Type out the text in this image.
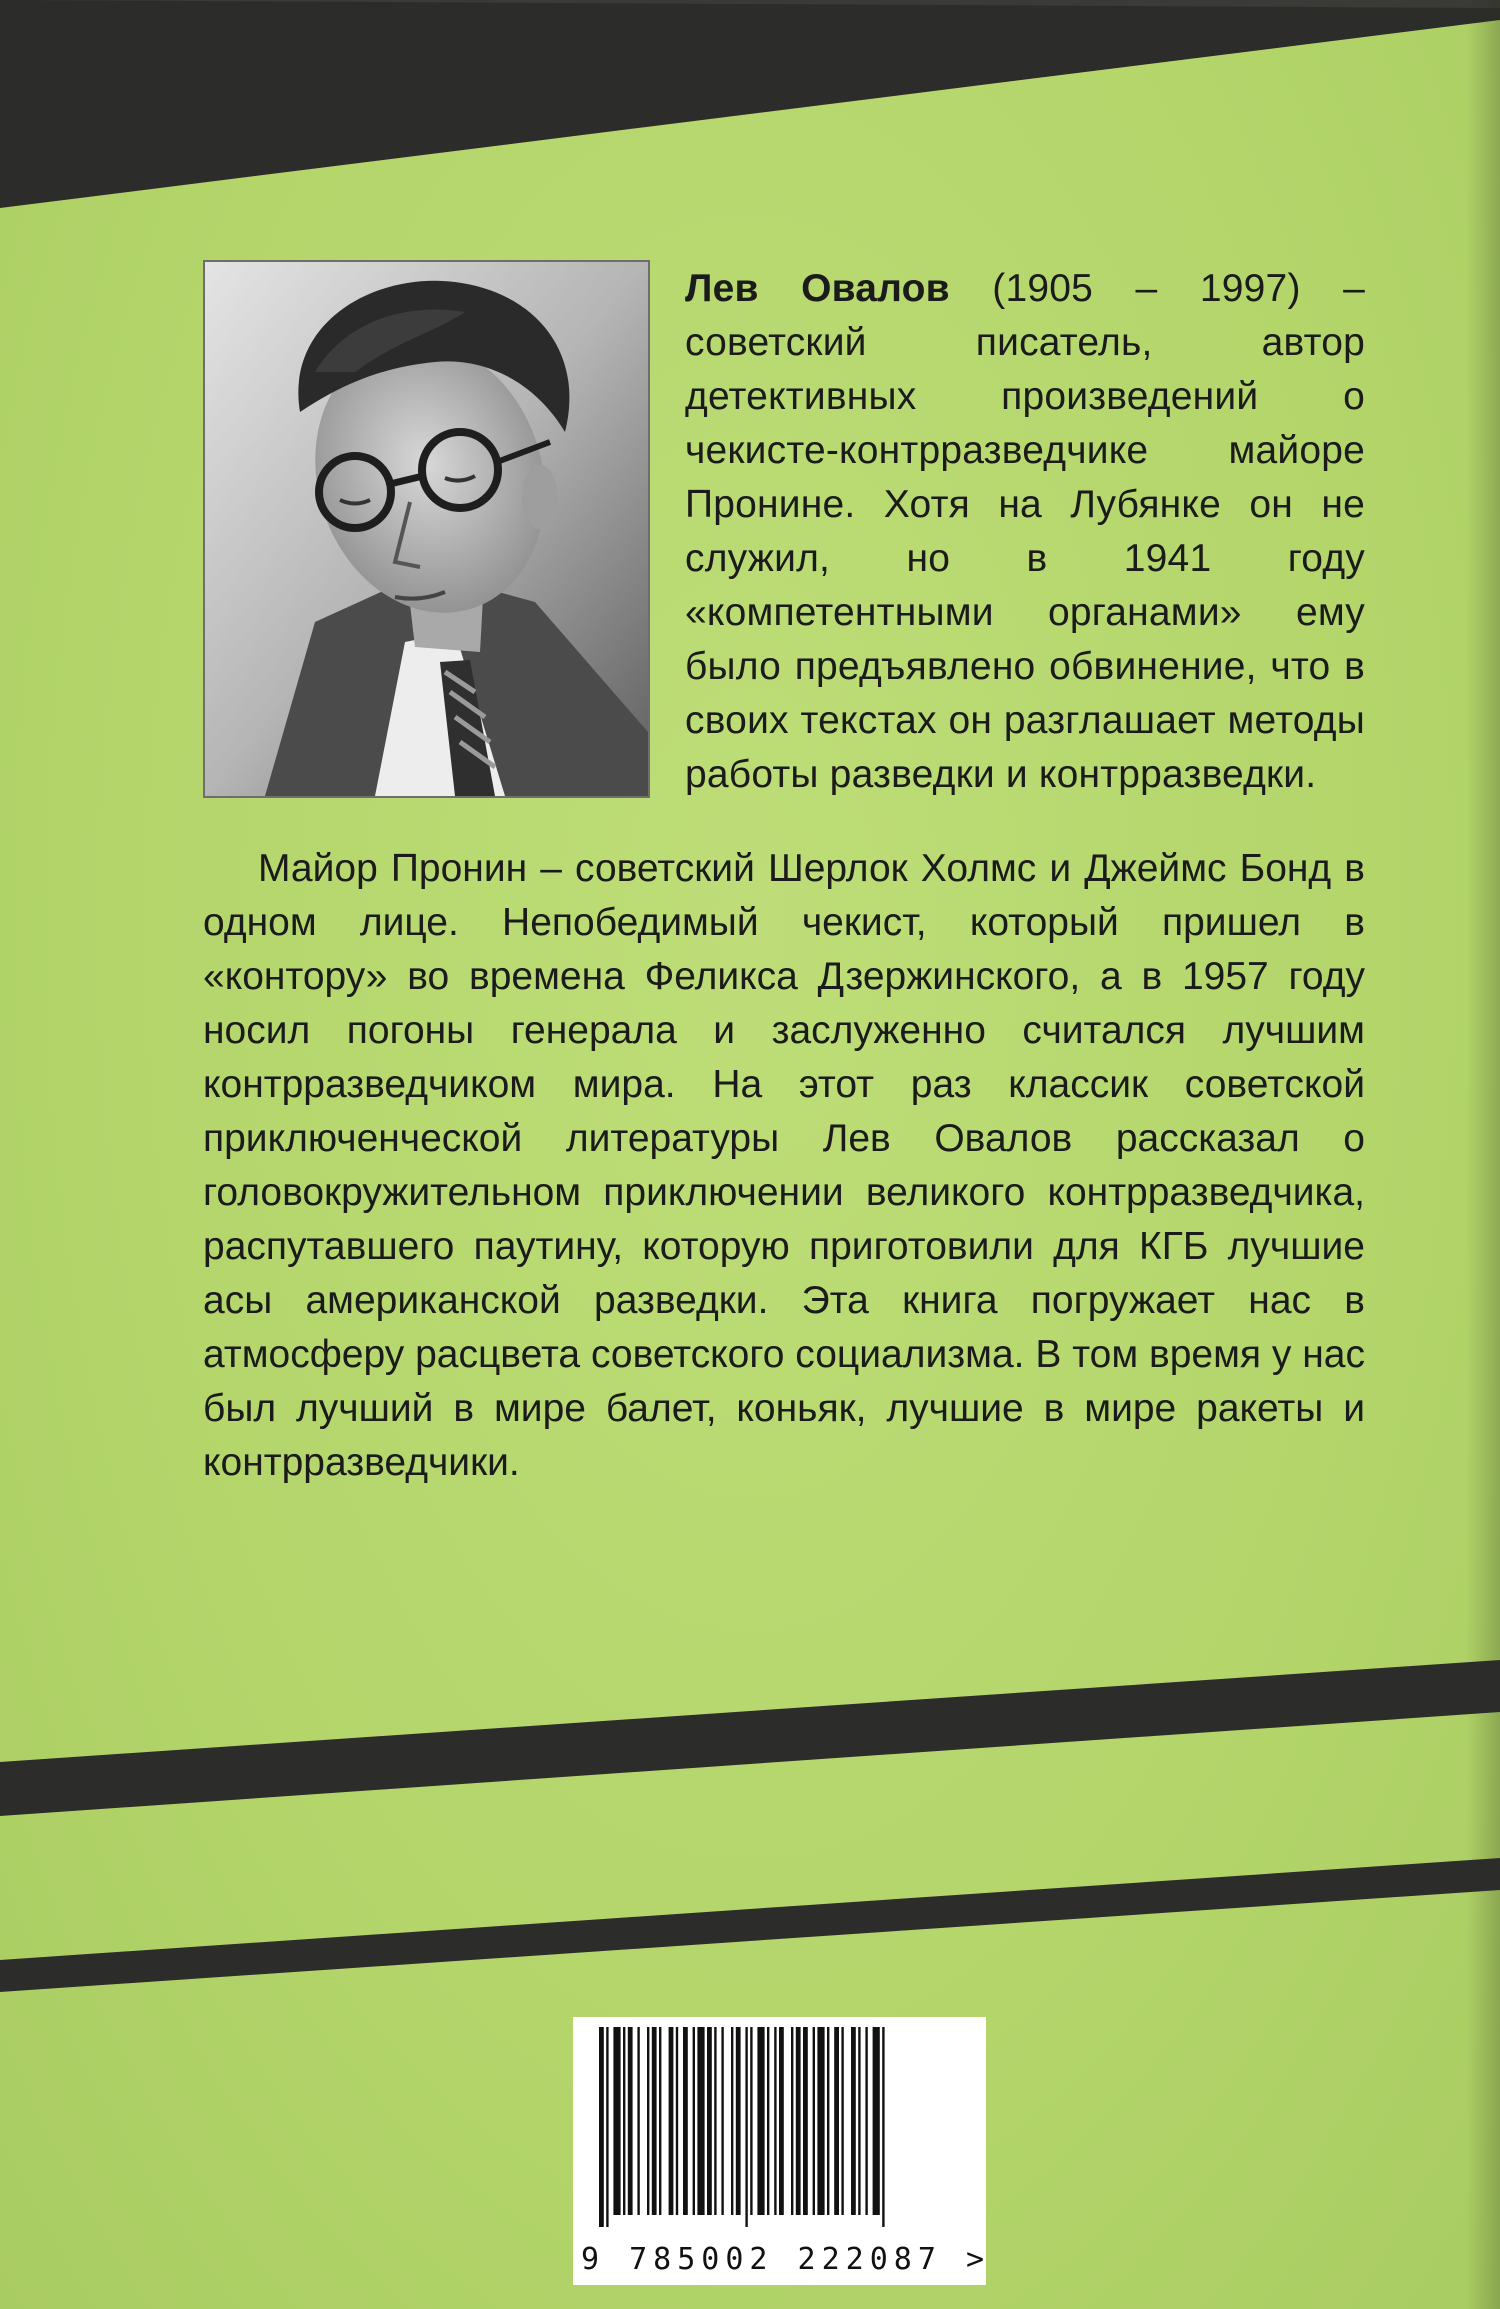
Лев Овалов (1905 – 1997) – советский писатель, автор детективных произведений о чекисте-контрразведчике майоре Пронине. Хотя на Лубянке он не служил, но в 1941 году «компетентными органами» ему было предъявлено обвинение, что в своих текстах он разглашает методы работы разведки и контрразведки.
Майор Пронин – советский Шерлок Холмс и Джеймс Бонд в одном лице. Непобедимый чекист, который пришел в «контору» во времена Феликса Дзержинского, а в 1957 году носил погоны генерала и заслуженно считался лучшим контрразведчиком мира. На этот раз классик советской приключенческой литературы Лев Овалов рассказал о головокружительном приключении великого контрразведчика, распутавшего паутину, которую приготовили для КГБ лучшие асы американской разведки. Эта книга погружает нас в атмосферу расцвета советского социализма. В том время у нас был лучший в мире балет, коньяк, лучшие в мире ракеты и контрразведчики.
9 785002 222087 >
